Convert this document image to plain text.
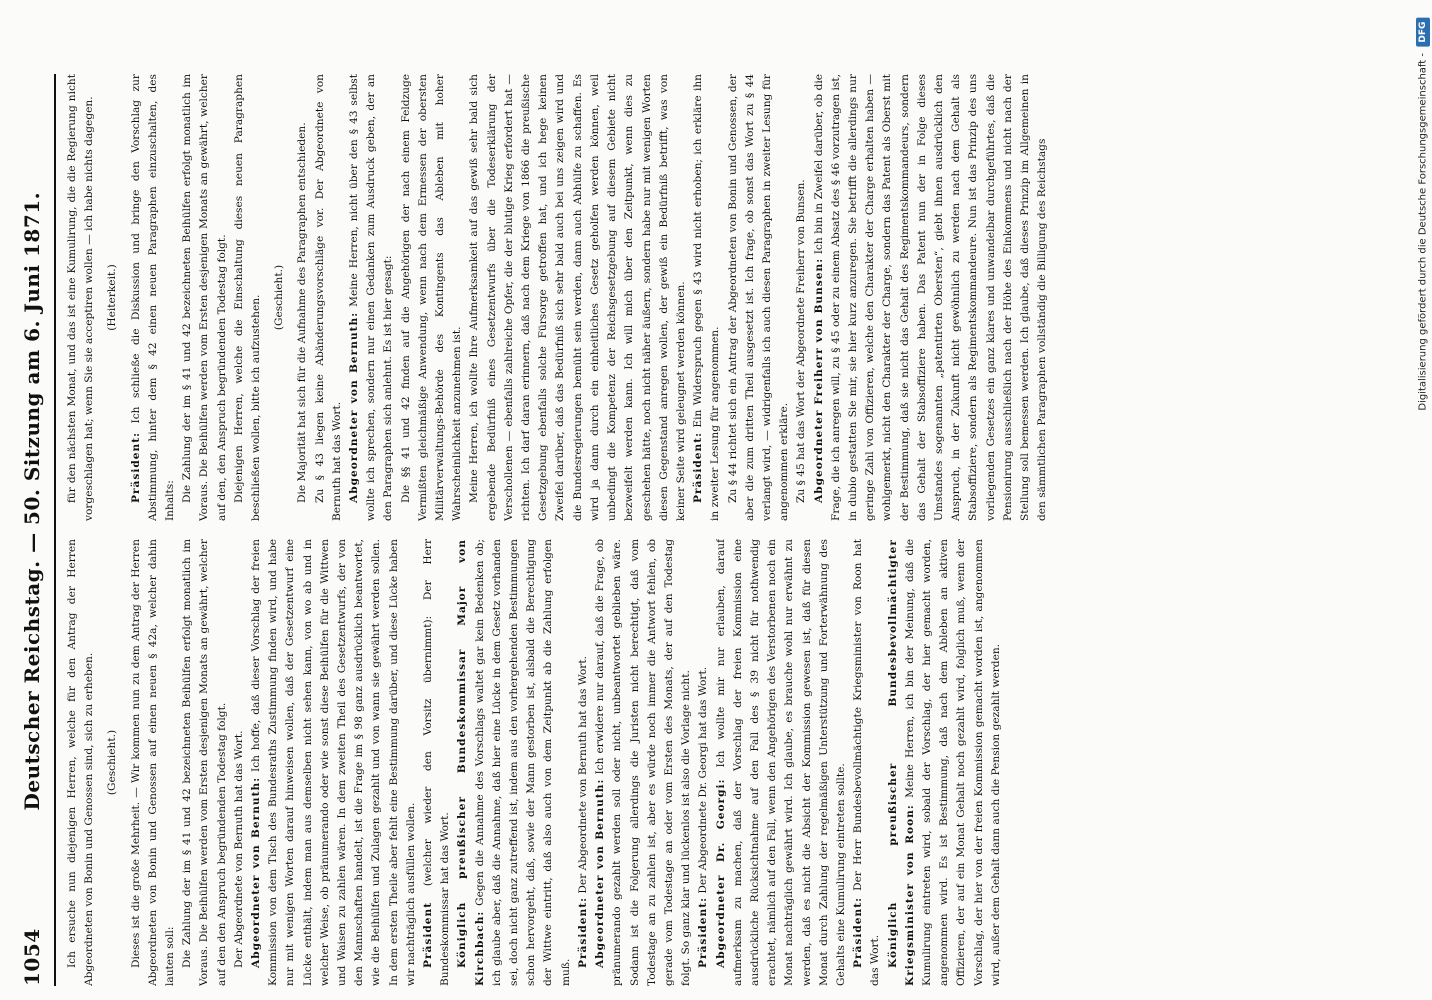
1054
Deutscher Reichstag. — 50. Sitzung am 6. Juni 1871. Ich ersuche nun diejenigen Herren, welche für den Antrag der Herren Abgeordneten von Bonin und Genossen sind, sich zu erheben.	(Geschieht.)	Dieses ist die große Mehrheit. — Wir kommen nun zu dem Antrag der Herren Abgeordneten von Bonin und Genossen auf einen neuen § 42a, welcher dahin lauten soll: Die Zahlung der im § 41 und 42 bezeichneten Beihülfen erfolgt monatlich im Voraus. Die Beihülfen werden vom Ersten desjenigen Monats an gewährt, welcher auf den den Anspruch begründenden Todestag folgt. Der Abgeordnete von Bernuth hat das Wort. Abgeordneter von Bernuth: Ich hoffe, daß dieser Vorschlag der freien Kommission von dem Tisch des Bundesraths Zustimmung finden wird, und habe nur mit wenigen Worten darauf hinweisen wollen, daß der Gesetzentwurf eine Lücke enthält, indem man aus demselben nicht sehen kann, von wo ab und in welcher Weise, ob pränumerando oder wie sonst diese Beihülfen für die Wittwen und Waisen zu zahlen wären. In dem zweiten Theil des Gesetzentwurfs, der von den Mannschaften handelt, ist die Frage im § 98 ganz ausdrücklich beantwortet, wie die Beihülfen und Zulagen gezahlt und von wann sie gewährt werden sollen. In dem ersten Theile aber fehlt eine Bestimmung darüber, und diese Lücke haben wir nachträglich ausfüllen wollen. Präsident (welcher wieder den Vorsitz übernimmt): Der Herr Bundeskommissar hat das Wort. Königlich preußischer Bundeskommissar Major von Kirchbach: Gegen die Annahme des Vorschlags waltet gar kein Bedenken ob; ich glaube aber, daß die Annahme, daß hier eine Lücke in dem Gesetz vorhanden sei, doch nicht ganz zutreffend ist, indem aus den vorhergehenden Bestimmungen schon hervorgeht, daß, sowie der Mann gestorben ist, alsbald die Berechtigung der Wittwe eintritt, daß also auch von dem Zeitpunkt ab die Zahlung erfolgen muß.

Präsident: Der Abgeordnete von Bernuth hat das Wort. Abgeordneter von Bernuth: Ich erwidere nur darauf, daß die Frage, ob pränumerando gezahlt werden soll oder nicht, unbeantwortet geblieben wäre. Sodann ist die Folgerung allerdings die Juristen nicht berechtigt, daß vom Todestage an zu zahlen ist, aber es würde noch immer die Antwort fehlen, ob gerade vom Todestage an oder vom Ersten des Monats, der auf den Todestag folgt. So ganz klar und lückenlos ist also die Vorlage nicht. Präsident: Der Abgeordnete Dr. Georgi hat das Wort. Abgeordneter Dr. Georgi: Ich wollte mir nur erlauben, darauf aufmerksam zu machen, daß der Vorschlag der freien Kommission eine ausdrückliche Rücksichtnahme auf den Fall des § 39 nicht für nothwendig erachtet, nämlich auf den Fall, wenn den Angehörigen des Verstorbenen noch ein Monat nachträglich gewährt wird. Ich glaube, es brauche wohl nur erwähnt zu werden, daß es nicht die Absicht der Kommission gewesen ist, daß für diesen Monat durch Zahlung der regelmäßigen Unterstützung und Forterwähnung des Gehalts eine Kumulirung eintreten sollte. Präsident: Der Herr Bundesbevollmächtigte Kriegsminister von Roon hat das Wort. Königlich preußischer Bundesbevollmächtigter Kriegsminister von Roon: Meine Herren, ich bin der Meinung, daß die Kumulirung eintreten wird, sobald der Vorschlag, der hier gemacht worden, angenommen wird. Es ist Bestimmung, daß nach dem Ableben an aktiven Offizieren, der auf ein Monat Gehalt noch gezahlt wird, folglich muß, wenn der Vorschlag, der hier von der freien Kommission gemacht worden ist, angenommen wird, außer dem Gehalt dann auch die Pension gezahlt werden.

für den nächsten Monat, und das ist eine Kumulirung, die die Regierung nicht vorgeschlagen hat; wenn Sie sie acceptiren wollen — ich habe nichts dagegen.	(Heiterkeit.)

Präsident: Ich schließe die Diskussion und bringe den Vorschlag zur Abstimmung, hinter dem § 42 einen neuen Paragraphen einzuschalten, des Inhalts: Die Zahlung der im § 41 und 42 bezeichneten Beihülfen erfolgt monatlich im Voraus. Die Beihülfen werden vom Ersten desjenigen Monats an gewährt, welcher auf den, den Anspruch begründenden Todestag folgt. Diejenigen Herren, welche die Einschaltung dieses neuen Paragraphen beschließen wollen, bitte ich aufzustehen.	(Geschieht.)	Die Majorität hat sich für die Aufnahme des Paragraphen entschieden. Zu § 43 liegen keine Abänderungsvorschläge vor. Der Abgeordnete von Bernuth hat das Wort. Abgeordneter von Bernuth: Meine Herren, nicht über den § 43 selbst wollte ich sprechen, sondern nur einen Gedanken zum Ausdruck geben, der an den Paragraphen sich anlehnt. Es ist hier gesagt: Die §§ 41 und 42 finden auf die Angehörigen der nach einem Feldzuge Vermißten gleichmäßige Anwendung, wenn nach dem Ermessen der obersten Militärverwaltungs-Behörde des Kontingents das Ableben mit hoher Wahrscheinlichkeit anzunehmen ist. Meine Herren, ich wollte Ihre Aufmerksamkeit auf das gewiß sehr bald sich ergebende Bedürfniß eines Gesetzentwurfs über die Todeserklärung der Verschollenen — ebenfalls zahlreiche Opfer, die der blutige Krieg erfordert hat — richten. Ich darf daran erinnern, daß nach dem Kriege von 1866 die preußische Gesetzgebung ebenfalls solche Fürsorge getroffen hat, und ich hege keinen Zweifel darüber, daß das Bedürfniß sich sehr bald auch bei uns zeigen wird und die Bundesregierungen bemüht sein werden, dann auch Abhülfe zu schaffen. Es wird ja dann durch ein einheitliches Gesetz geholfen werden können, weil unbedingt die Kompetenz der Reichsgesetzgebung auf diesem Gebiete nicht bezweifelt werden kann. Ich will mich über den Zeitpunkt, wenn dies zu geschehen hätte, noch nicht näher äußern, sondern habe nur mit wenigen Worten diesen Gegenstand anregen wollen, der gewiß ein Bedürfniß betrifft, was von keiner Seite wird geleugnet werden können. Präsident: Ein Widerspruch gegen § 43 wird nicht erhoben; ich erkläre ihn in zweiter Lesung für angenommen. Zu § 44 richtet sich ein Antrag der Abgeordneten von Bonin und Genossen, der aber die zum dritten Theil ausgesetzt ist. Ich frage, ob sonst das Wort zu § 44 verlangt wird, — widrigenfalls ich auch diesen Paragraphen in zweiter Lesung für angenommen erkläre. Zu § 45 hat das Wort der Abgeordnete Freiherr von Bunsen. Abgeordneter Freiherr von Bunsen: Ich bin in Zweifel darüber, ob die Frage, die ich anregen will, zu § 45 oder zu einem Absatz des § 46 vorzutragen ist, in dubio gestatten Sie mir, sie hier kurz anzuregen. Sie betrifft die allerdings nur geringe Zahl von Offizieren, welche den Charakter der Charge erhalten haben — wohlgemerkt, nicht den Charakter der Charge, sondern das Patent als Oberst mit der Bestimmung, daß sie nicht das Gehalt des Regimentskommandeurs, sondern das Gehalt der Stabsoffiziere haben. Das Patent nun der in Folge dieses Umstandes sogenannten „patentirten Obersten“, giebt ihnen ausdrücklich den Anspruch, in der Zukunft nicht gewöhnlich zu werden nach dem Gehalt als Stabsoffiziere, sondern als Regimentskommandeure. Nun ist das Prinzip des uns vorliegenden Gesetzes ein ganz klares und unwandelbar durchgeführtes, daß die Pensionirung ausschließlich nach der Höhe des Einkommens und nicht nach der Stellung soll bemessen werden. Ich glaube, daß dieses Prinzip im Allgemeinen in den sämmtlichen Paragraphen vollständig die Billigung des Reichstags	Digitalisierung gefördert durch die Deutsche Forschungsgemeinschaft -
DFG
